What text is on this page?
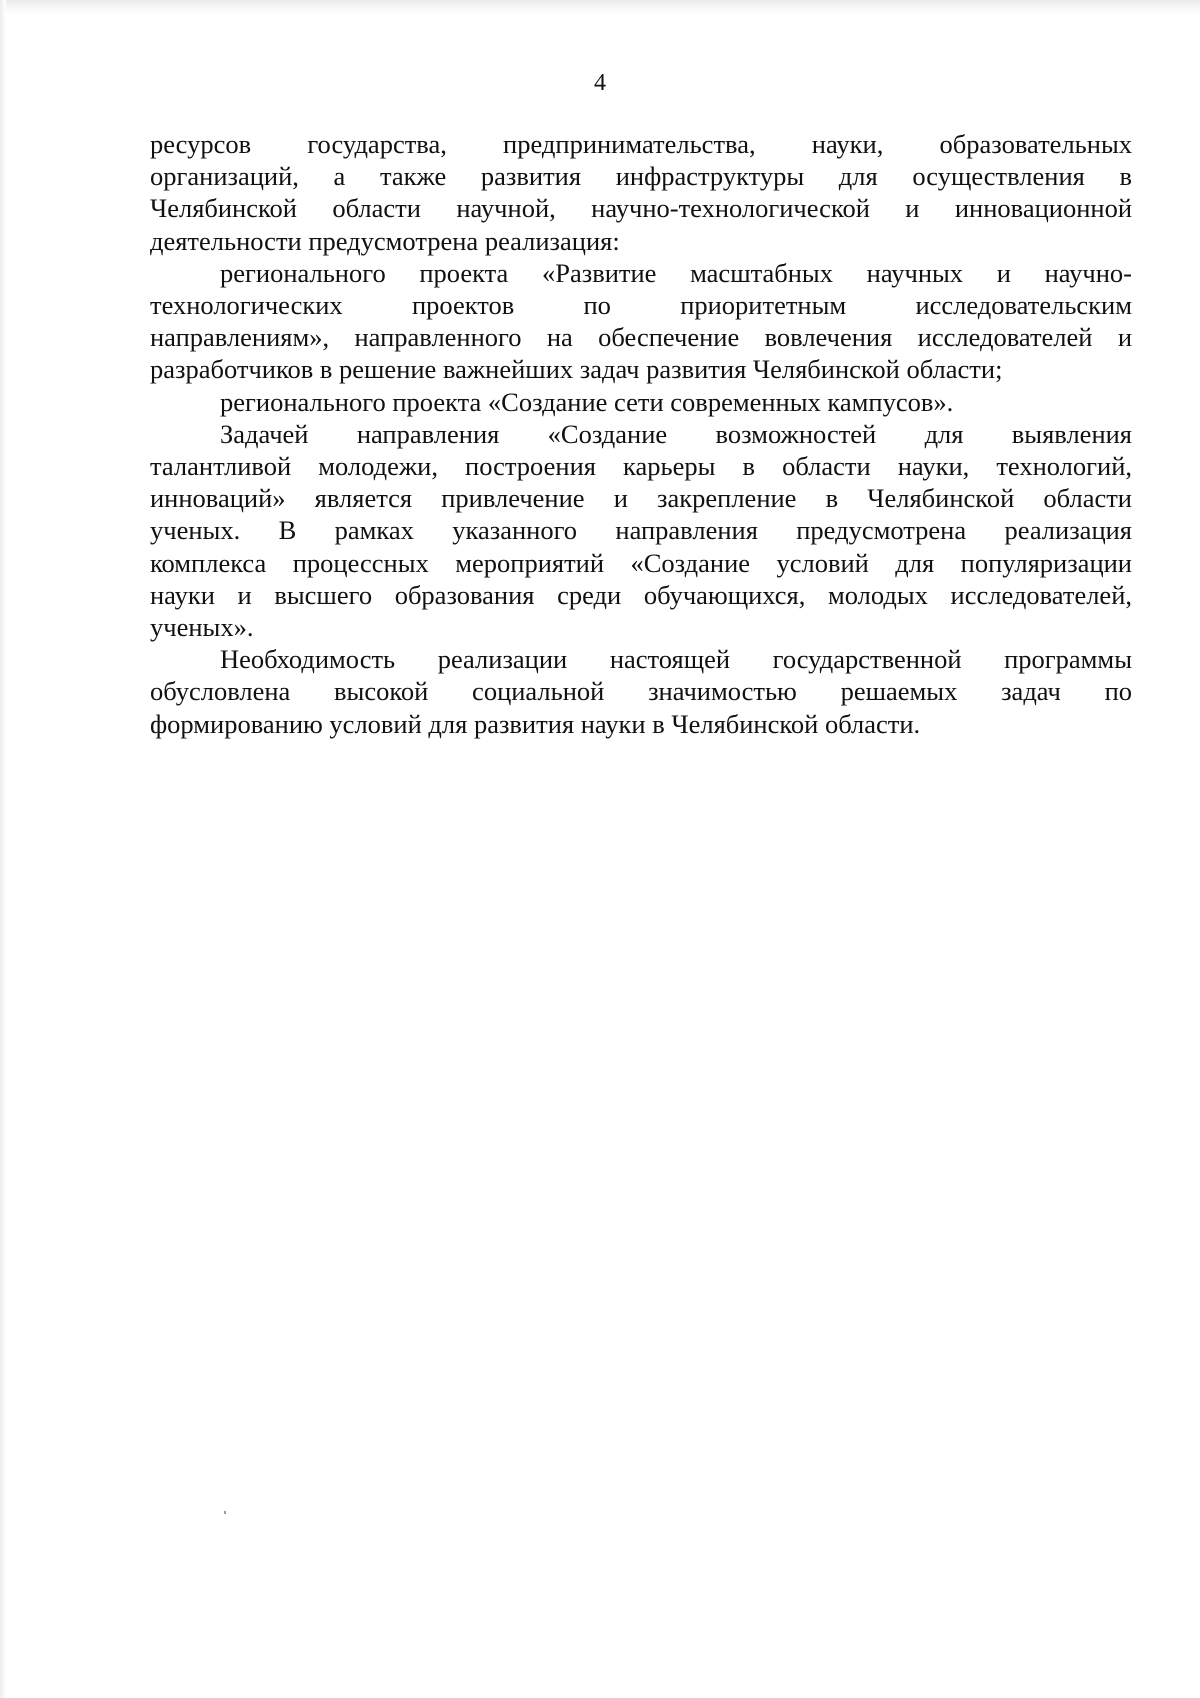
4
ресурсов государства, предпринимательства, науки, образовательных
организаций, а также развития инфраструктуры для осуществления в
Челябинской области научной, научно-технологической и инновационной
деятельности предусмотрена реализация:
регионального проекта «Развитие масштабных научных и научно-
технологических проектов по приоритетным исследовательским
направлениям», направленного на обеспечение вовлечения исследователей и
разработчиков в решение важнейших задач развития Челябинской области;
регионального проекта «Создание сети современных кампусов».
Задачей направления «Создание возможностей для выявления
талантливой молодежи, построения карьеры в области науки, технологий,
инноваций» является привлечение и закрепление в Челябинской области
ученых. В рамках указанного направления предусмотрена реализация
комплекса процессных мероприятий «Создание условий для популяризации
науки и высшего образования среди обучающихся, молодых исследователей,
ученых».
Необходимость реализации настоящей государственной программы
обусловлена высокой социальной значимостью решаемых задач по
формированию условий для развития науки в Челябинской области.
